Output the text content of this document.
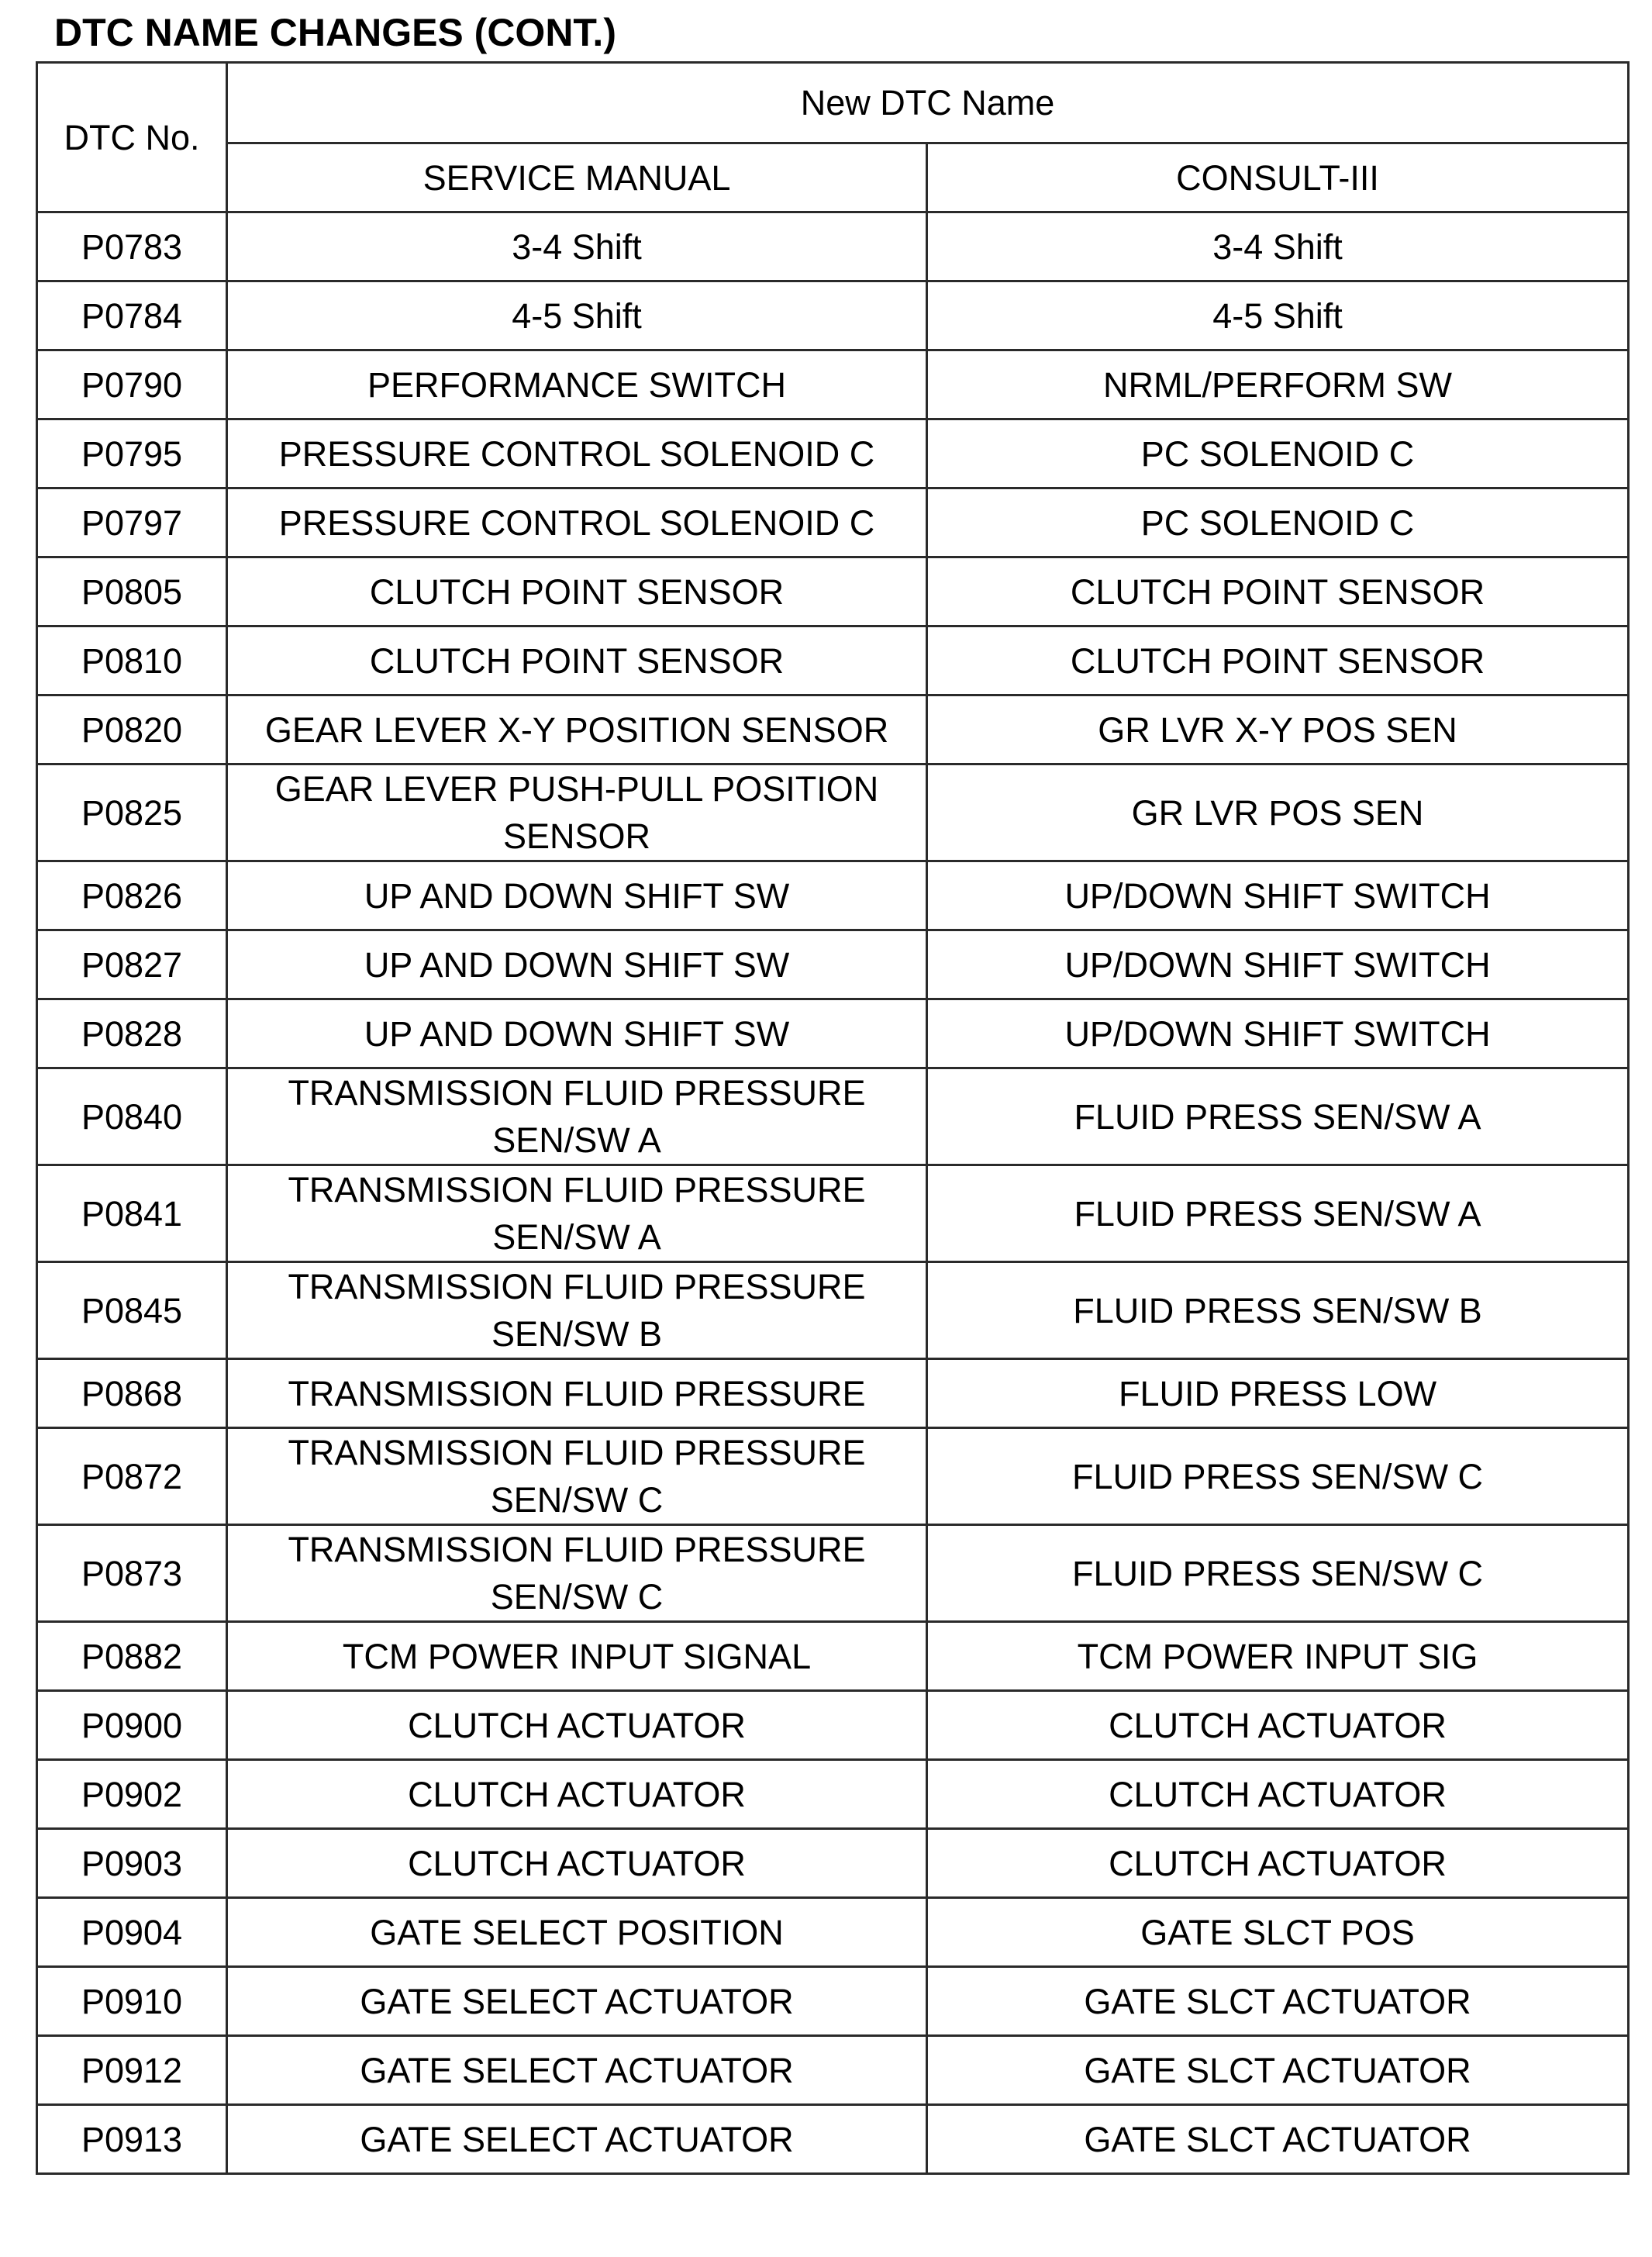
DTC NAME CHANGES (CONT.)
DTC No.	New DTC Name	
	SERVICE MANUAL	CONSULT-III
P0783	3-4 Shift	3-4 Shift
P0784	4-5 Shift	4-5 Shift
P0790	PERFORMANCE SWITCH	NRML/PERFORM SW
P0795	PRESSURE CONTROL SOLENOID C	PC SOLENOID C
P0797	PRESSURE CONTROL SOLENOID C	PC SOLENOID C
P0805	CLUTCH POINT SENSOR	CLUTCH POINT SENSOR
P0810	CLUTCH POINT SENSOR	CLUTCH POINT SENSOR
P0820	GEAR LEVER X-Y POSITION SENSOR	GR LVR X-Y POS SEN
P0825	GEAR LEVER PUSH-PULL POSITION SENSOR	GR LVR POS SEN
P0826	UP AND DOWN SHIFT SW	UP/DOWN SHIFT SWITCH
P0827	UP AND DOWN SHIFT SW	UP/DOWN SHIFT SWITCH
P0828	UP AND DOWN SHIFT SW	UP/DOWN SHIFT SWITCH
P0840	TRANSMISSION FLUID PRESSURE SEN/SW A	FLUID PRESS SEN/SW A
P0841	TRANSMISSION FLUID PRESSURE SEN/SW A	FLUID PRESS SEN/SW A
P0845	TRANSMISSION FLUID PRESSURE SEN/SW B	FLUID PRESS SEN/SW B
P0868	TRANSMISSION FLUID PRESSURE	FLUID PRESS LOW
P0872	TRANSMISSION FLUID PRESSURE SEN/SW C	FLUID PRESS SEN/SW C
P0873	TRANSMISSION FLUID PRESSURE SEN/SW C	FLUID PRESS SEN/SW C
P0882	TCM POWER INPUT SIGNAL	TCM POWER INPUT SIG
P0900	CLUTCH ACTUATOR	CLUTCH ACTUATOR
P0902	CLUTCH ACTUATOR	CLUTCH ACTUATOR
P0903	CLUTCH ACTUATOR	CLUTCH ACTUATOR
P0904	GATE SELECT POSITION	GATE SLCT POS
P0910	GATE SELECT ACTUATOR	GATE SLCT ACTUATOR
P0912	GATE SELECT ACTUATOR	GATE SLCT ACTUATOR
P0913	GATE SELECT ACTUATOR	GATE SLCT ACTUATOR
